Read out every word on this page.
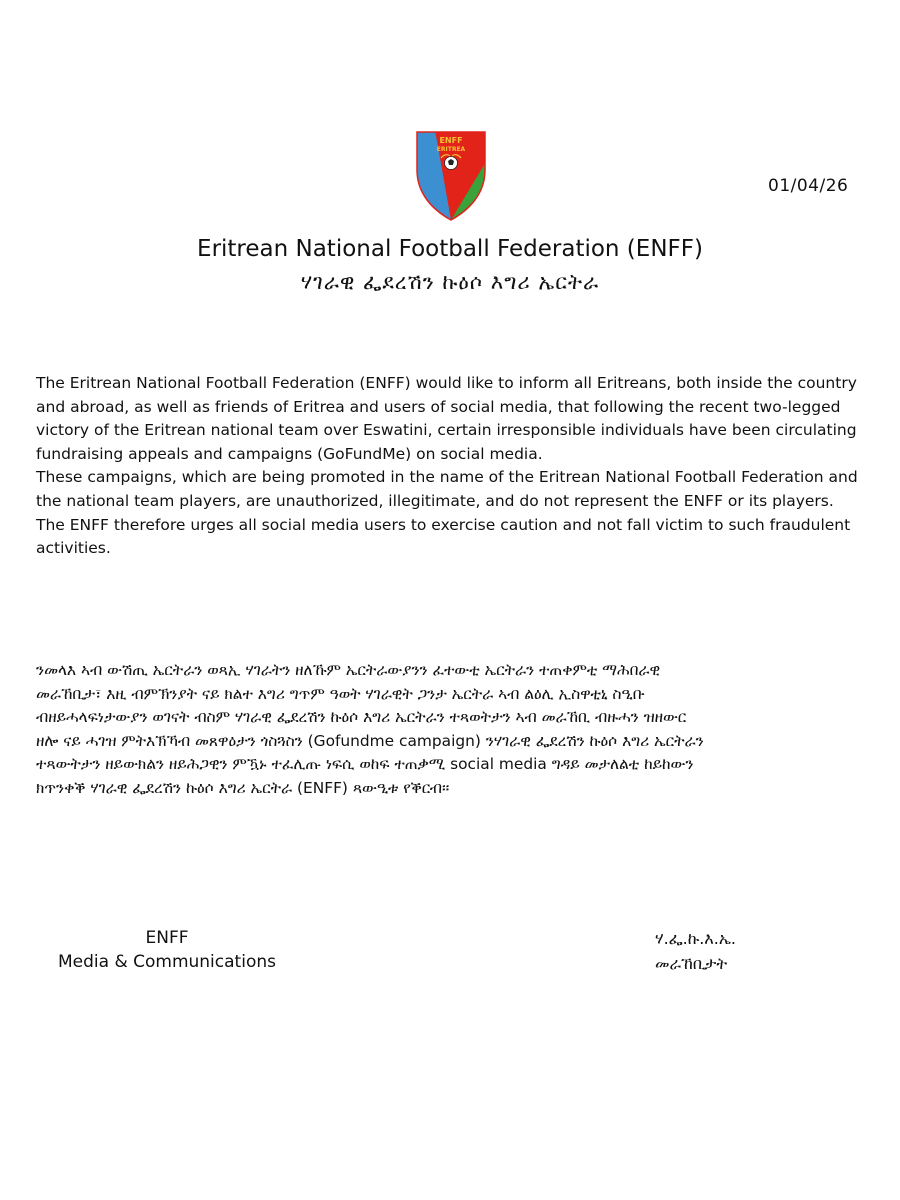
ENFF
ERITREA
01/04/26
Eritrean National Football Federation (ENFF)
ሃገራዊ ፌደረሽን ኩዕሶ እግሪ ኤርትራ
The Eritrean National Football Federation (ENFF) would like to inform all Eritreans, both inside the country
and abroad, as well as friends of Eritrea and users of social media, that following the recent two-legged
victory of the Eritrean national team over Eswatini, certain irresponsible individuals have been circulating
fundraising appeals and campaigns (GoFundMe) on social media.
These campaigns, which are being promoted in the name of the Eritrean National Football Federation and
the national team players, are unauthorized, illegitimate, and do not represent the ENFF or its players.
The ENFF therefore urges all social media users to exercise caution and not fall victim to such fraudulent
activities.
ንመላእ ኣብ ውሽጢ ኤርትራን ወጻኢ ሃገራትን ዘለኹም ኤርትራውያንን ፈተውቲ ኤርትራን ተጠቀምቲ ማሕበራዊ
መራኸቢታ፣ እዚ ብምኽንያት ናይ ክልተ እግሪ ግጥም ዓወት ሃገራዊት ጋንታ ኤርትራ ኣብ ልዕሊ ኢስዋቲኒ ስዒቡ
ብዘይሓላፍነታውያን ወገናት ብስም ሃገራዊ ፌደረሽን ኩዕሶ እግሪ ኤርትራን ተጻወትታን ኣብ መራኸቢ ብዙሓን ዝዘውር
ዘሎ ናይ ሓገዝ ምትእኽኻብ መጸዋዕታን ጎስጓስን (Gofundme campaign) ንሃገራዊ ፌደረሽን ኩዕሶ እግሪ ኤርትራን
ተጻውትታን ዘይውክልን ዘይሕጋዊን ምዃኑ ተፈሊጡ ነፍሲ ወከፍ ተጠቃሚ social media ግዳይ መታለልቲ ከይከውን
ክጥንቀቕ ሃገራዊ ፌደረሽን ኩዕሶ እግሪ ኤርትራ (ENFF) ጻውዒቱ የቕርብ፡፡
ENFF
Media & Communications
ሃ.ፌ.ኩ.እ.ኤ.
መራኸቢታት
